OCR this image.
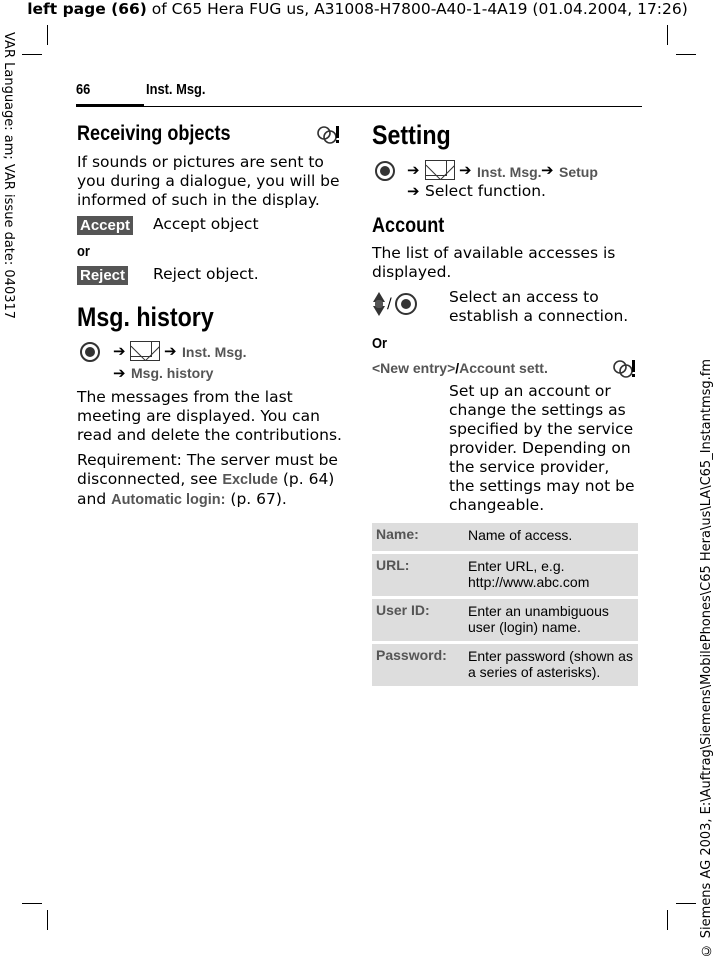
left page (66) of C65 Hera FUG us, A31008-H7800-A40-1-4A19 (01.04.2004, 17:26)
VAR Language: am; VAR issue date: 040317
© Siemens AG 2003, E:\Auftrag\Siemens\MobilePhones\C65 Hera\us\LA\C65_Instantmsg.fm
66	Inst. Msg.
Receiving objects
If sounds or pictures are sent to you during a dialogue, you will be informed of such in the display.
Accept Accept object
or
Reject Reject object.
Msg. history
➔	➔ Inst. Msg.
➔ Msg. history
The messages from the last meeting are displayed. You can read and delete the contributions.
Requirement: The server must be disconnected, see Exclude (p. 64) and Automatic login: (p. 67).
Setting
➔	➔ Inst. Msg. ➔ Setup
➔ Select function.
Account
The list of available accesses is displayed.
/	Select an access to establish a connection.
Or
<New entry>/Account sett.
Set up an account or change the settings as specified by the service provider. Depending on the service provider, the settings may not be changeable.
Name:	Name of access.
URL:	Enter URL, e.g. http://www.abc.com
User ID:	Enter an unambiguous user (login) name.
Password:	Enter password (shown as a series of asterisks).
